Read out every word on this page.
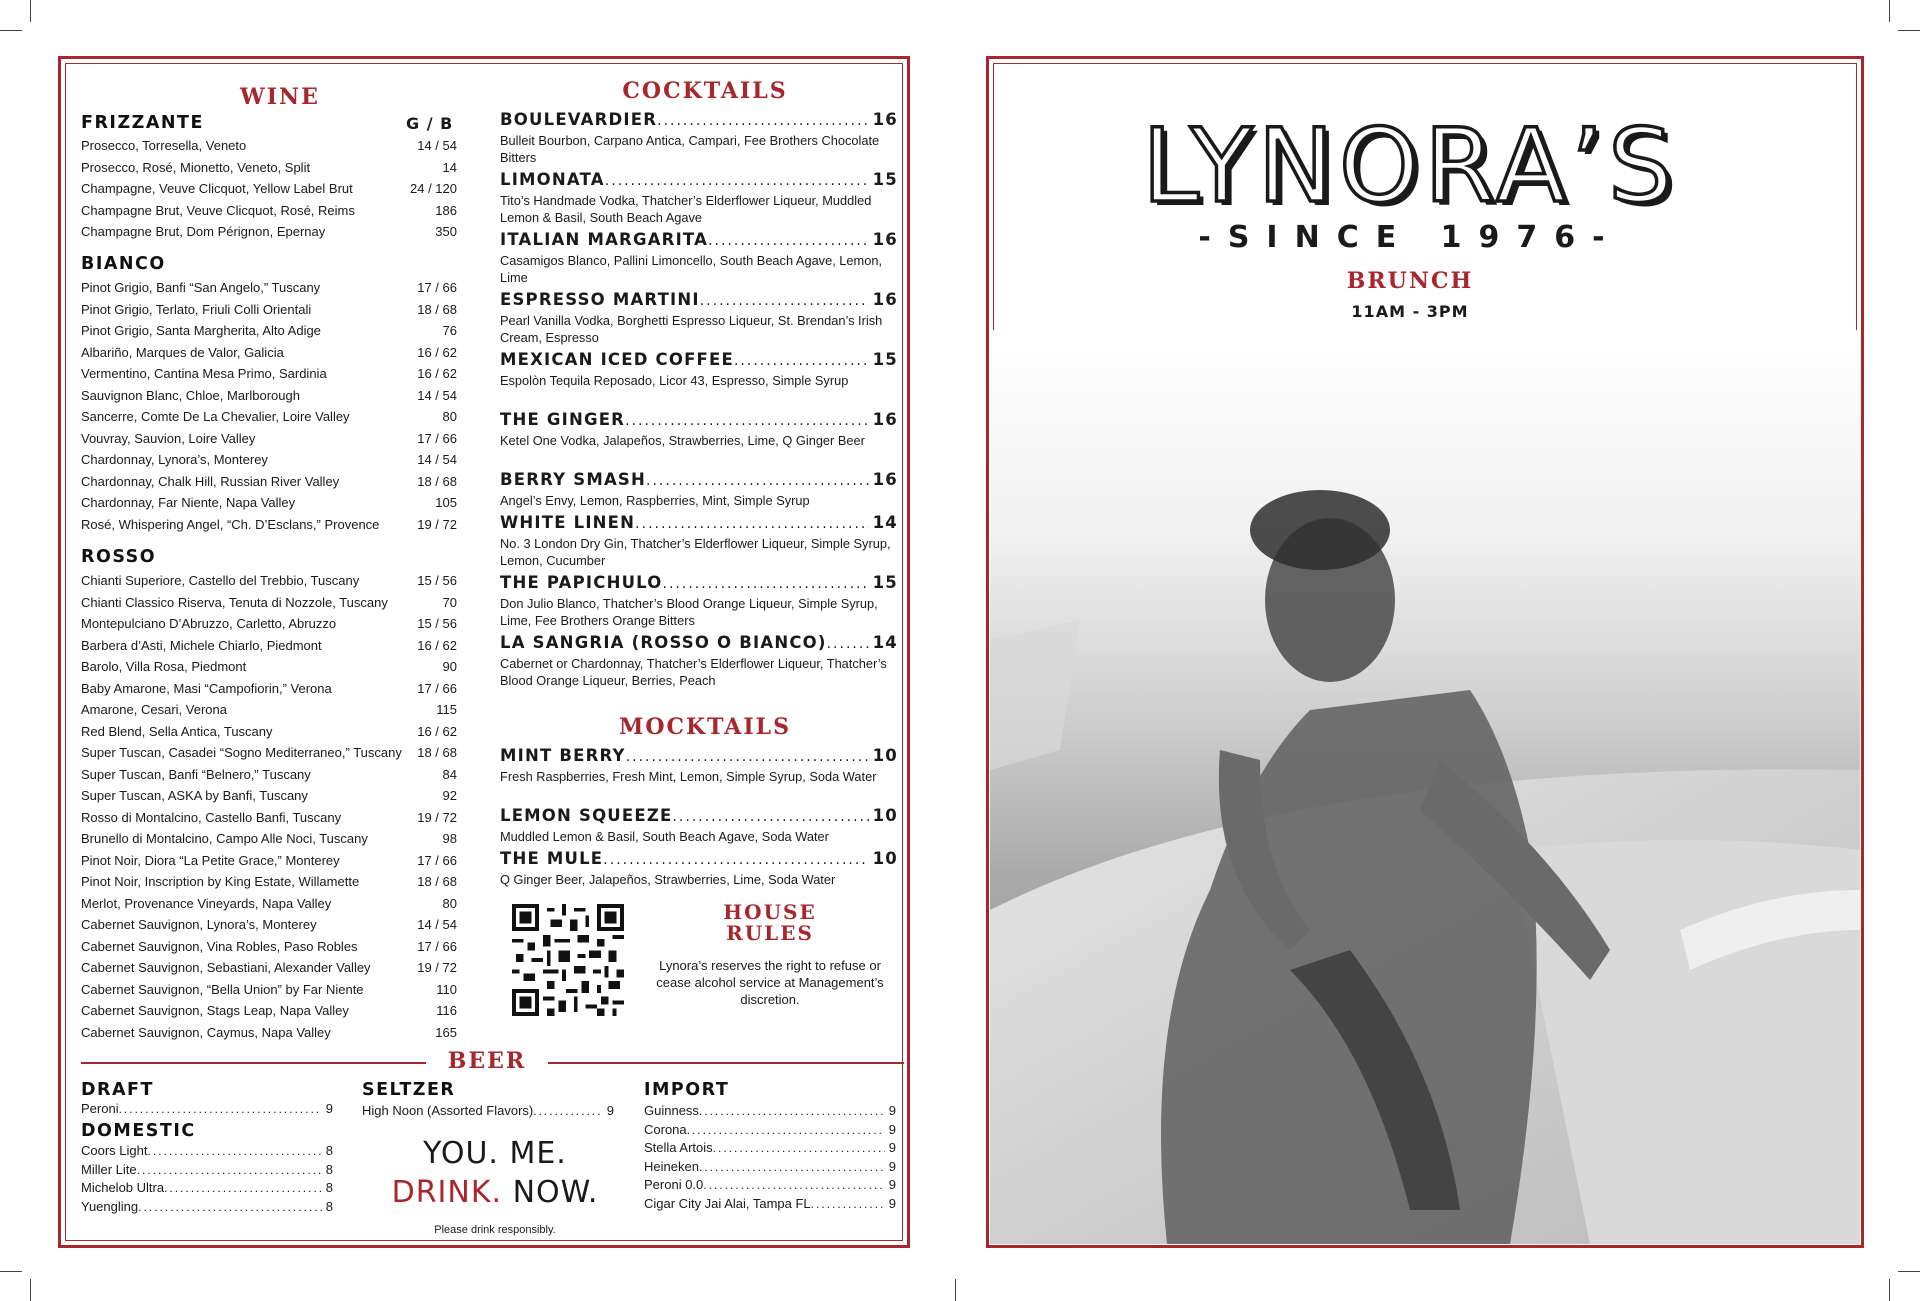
WINE
FRIZZANTE	G / B
Prosecco, Torresella, Veneto	14 / 54
Prosecco, Rosé, Mionetto, Veneto, Split	14
Champagne, Veuve Clicquot, Yellow Label Brut	24 / 120
Champagne Brut, Veuve Clicquot, Rosé, Reims	186
Champagne Brut, Dom Pérignon, Epernay	350
BIANCO
Pinot Grigio, Banfi “San Angelo,” Tuscany	17 / 66
Pinot Grigio, Terlato, Friuli Colli Orientali	18 / 68
Pinot Grigio, Santa Margherita, Alto Adige	76
Albariño, Marques de Valor, Galicia	16 / 62
Vermentino, Cantina Mesa Primo, Sardinia	16 / 62
Sauvignon Blanc, Chloe, Marlborough	14 / 54
Sancerre, Comte De La Chevalier, Loire Valley	80
Vouvray, Sauvion, Loire Valley	17 / 66
Chardonnay, Lynora’s, Monterey	14 / 54
Chardonnay, Chalk Hill, Russian River Valley	18 / 68
Chardonnay, Far Niente, Napa Valley	105
Rosé, Whispering Angel, “Ch. D’Esclans,” Provence	19 / 72
ROSSO
Chianti Superiore, Castello del Trebbio, Tuscany	15 / 56
Chianti Classico Riserva, Tenuta di Nozzole, Tuscany	70
Montepulciano D’Abruzzo, Carletto, Abruzzo	15 / 56
Barbera d’Asti, Michele Chiarlo, Piedmont	16 / 62
Barolo, Villa Rosa, Piedmont	90
Baby Amarone, Masi “Campofiorin,” Verona	17 / 66
Amarone, Cesari, Verona	115
Red Blend, Sella Antica, Tuscany	16 / 62
Super Tuscan, Casadei “Sogno Mediterraneo,” Tuscany	18 / 68
Super Tuscan, Banfi “Belnero,” Tuscany	84
Super Tuscan, ASKA by Banfi, Tuscany	92
Rosso di Montalcino, Castello Banfi, Tuscany	19 / 72
Brunello di Montalcino, Campo Alle Noci, Tuscany	98
Pinot Noir, Diora “La Petite Grace,” Monterey	17 / 66
Pinot Noir, Inscription by King Estate, Willamette	18 / 68
Merlot, Provenance Vineyards, Napa Valley	80
Cabernet Sauvignon, Lynora’s, Monterey	14 / 54
Cabernet Sauvignon, Vina Robles, Paso Robles	17 / 66
Cabernet Sauvignon, Sebastiani, Alexander Valley	19 / 72
Cabernet Sauvignon, “Bella Union” by Far Niente	110
Cabernet Sauvignon, Stags Leap, Napa Valley	116
Cabernet Sauvignon, Caymus, Napa Valley	165
COCKTAILS
BOULEVARDIER .....	16
Bulleit Bourbon, Carpano Antica, Campari, Fee Brothers Chocolate Bitters
LIMONATA .....	15
Tito’s Handmade Vodka, Thatcher’s Elderflower Liqueur, Muddled Lemon & Basil, South Beach Agave
ITALIAN MARGARITA .....	16
Casamigos Blanco, Pallini Limoncello, South Beach Agave, Lemon, Lime
ESPRESSO MARTINI .....	16
Pearl Vanilla Vodka, Borghetti Espresso Liqueur, St. Brendan’s Irish Cream, Espresso
MEXICAN ICED COFFEE .....	15
Espolòn Tequila Reposado, Licor 43, Espresso, Simple Syrup
THE GINGER .....	16
Ketel One Vodka, Jalapeños, Strawberries, Lime, Q Ginger Beer
BERRY SMASH .....	16
Angel’s Envy, Lemon, Raspberries, Mint, Simple Syrup
WHITE LINEN .....	14
No. 3 London Dry Gin, Thatcher’s Elderflower Liqueur, Simple Syrup, Lemon, Cucumber
THE PAPICHULO .....	15
Don Julio Blanco, Thatcher’s Blood Orange Liqueur, Simple Syrup, Lime, Fee Brothers Orange Bitters
LA SANGRIA (ROSSO O BIANCO) .....	14
Cabernet or Chardonnay, Thatcher’s Elderflower Liqueur, Thatcher’s Blood Orange Liqueur, Berries, Peach
MOCKTAILS
MINT BERRY .....	10
Fresh Raspberries, Fresh Mint, Lemon, Simple Syrup, Soda Water
LEMON SQUEEZE .....	10
Muddled Lemon & Basil, South Beach Agave, Soda Water
THE MULE .....	10
Q Ginger Beer, Jalapeños, Strawberries, Lime, Soda Water
HOUSE
RULES
Lynora’s reserves the right to refuse or cease alcohol service at Management’s discretion.
BEER
DRAFT
Peroni .....	9
DOMESTIC
Coors Light .....	8
Miller Lite .....	8
Michelob Ultra .....	8
Yuengling .....	8
SELTZER
High Noon (Assorted Flavors) .....	9
YOU. ME.
DRINK. NOW.
Please drink responsibly.
IMPORT
Guinness .....	9
Corona .....	9
Stella Artois .....	9
Heineken .....	9
Peroni 0.0 .....	9
Cigar City Jai Alai, Tampa FL .....	9
LYNORA’S
-SINCE 1976-
BRUNCH
11AM - 3PM
